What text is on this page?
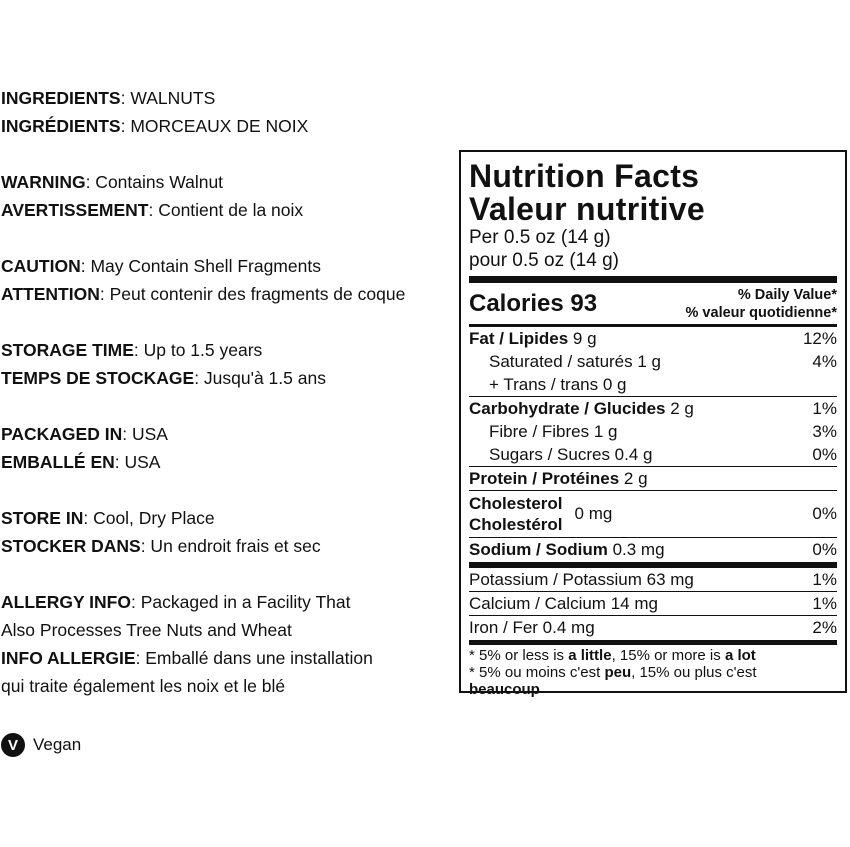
INGREDIENTS: WALNUTS
INGRÉDIENTS: MORCEAUX DE NOIX
WARNING: Contains Walnut
AVERTISSEMENT: Contient de la noix
CAUTION: May Contain Shell Fragments
ATTENTION: Peut contenir des fragments de coque
STORAGE TIME: Up to 1.5 years
TEMPS DE STOCKAGE: Jusqu'à 1.5 ans
PACKAGED IN: USA
EMBALLÉ EN: USA
STORE IN: Cool, Dry Place
STOCKER DANS: Un endroit frais et sec
ALLERGY INFO: Packaged in a Facility That
Also Processes Tree Nuts and Wheat
INFO ALLERGIE: Emballé dans une installation
qui traite également les noix et le blé
V Vegan
Nutrition Facts
Valeur nutritive
Per 0.5 oz (14 g)
pour 0.5 oz (14 g)
Calories 93	% Daily Value*
% valeur quotidienne*
Fat / Lipides 9 g	12%
Saturated / saturés 1 g	4%
+ Trans / trans 0 g
Carbohydrate / Glucides 2 g	1%
Fibre / Fibres 1 g	3%
Sugars / Sucres 0.4 g	0%
Protein / Protéines 2 g
Cholesterol
Cholestérol
0 mg	0%
Sodium / Sodium 0.3 mg	0%
Potassium / Potassium 63 mg	1%
Calcium / Calcium 14 mg	1%
Iron / Fer 0.4 mg	2%
* 5% or less is a little, 15% or more is a lot
* 5% ou moins c'est peu, 15% ou plus c'est
beaucoup
